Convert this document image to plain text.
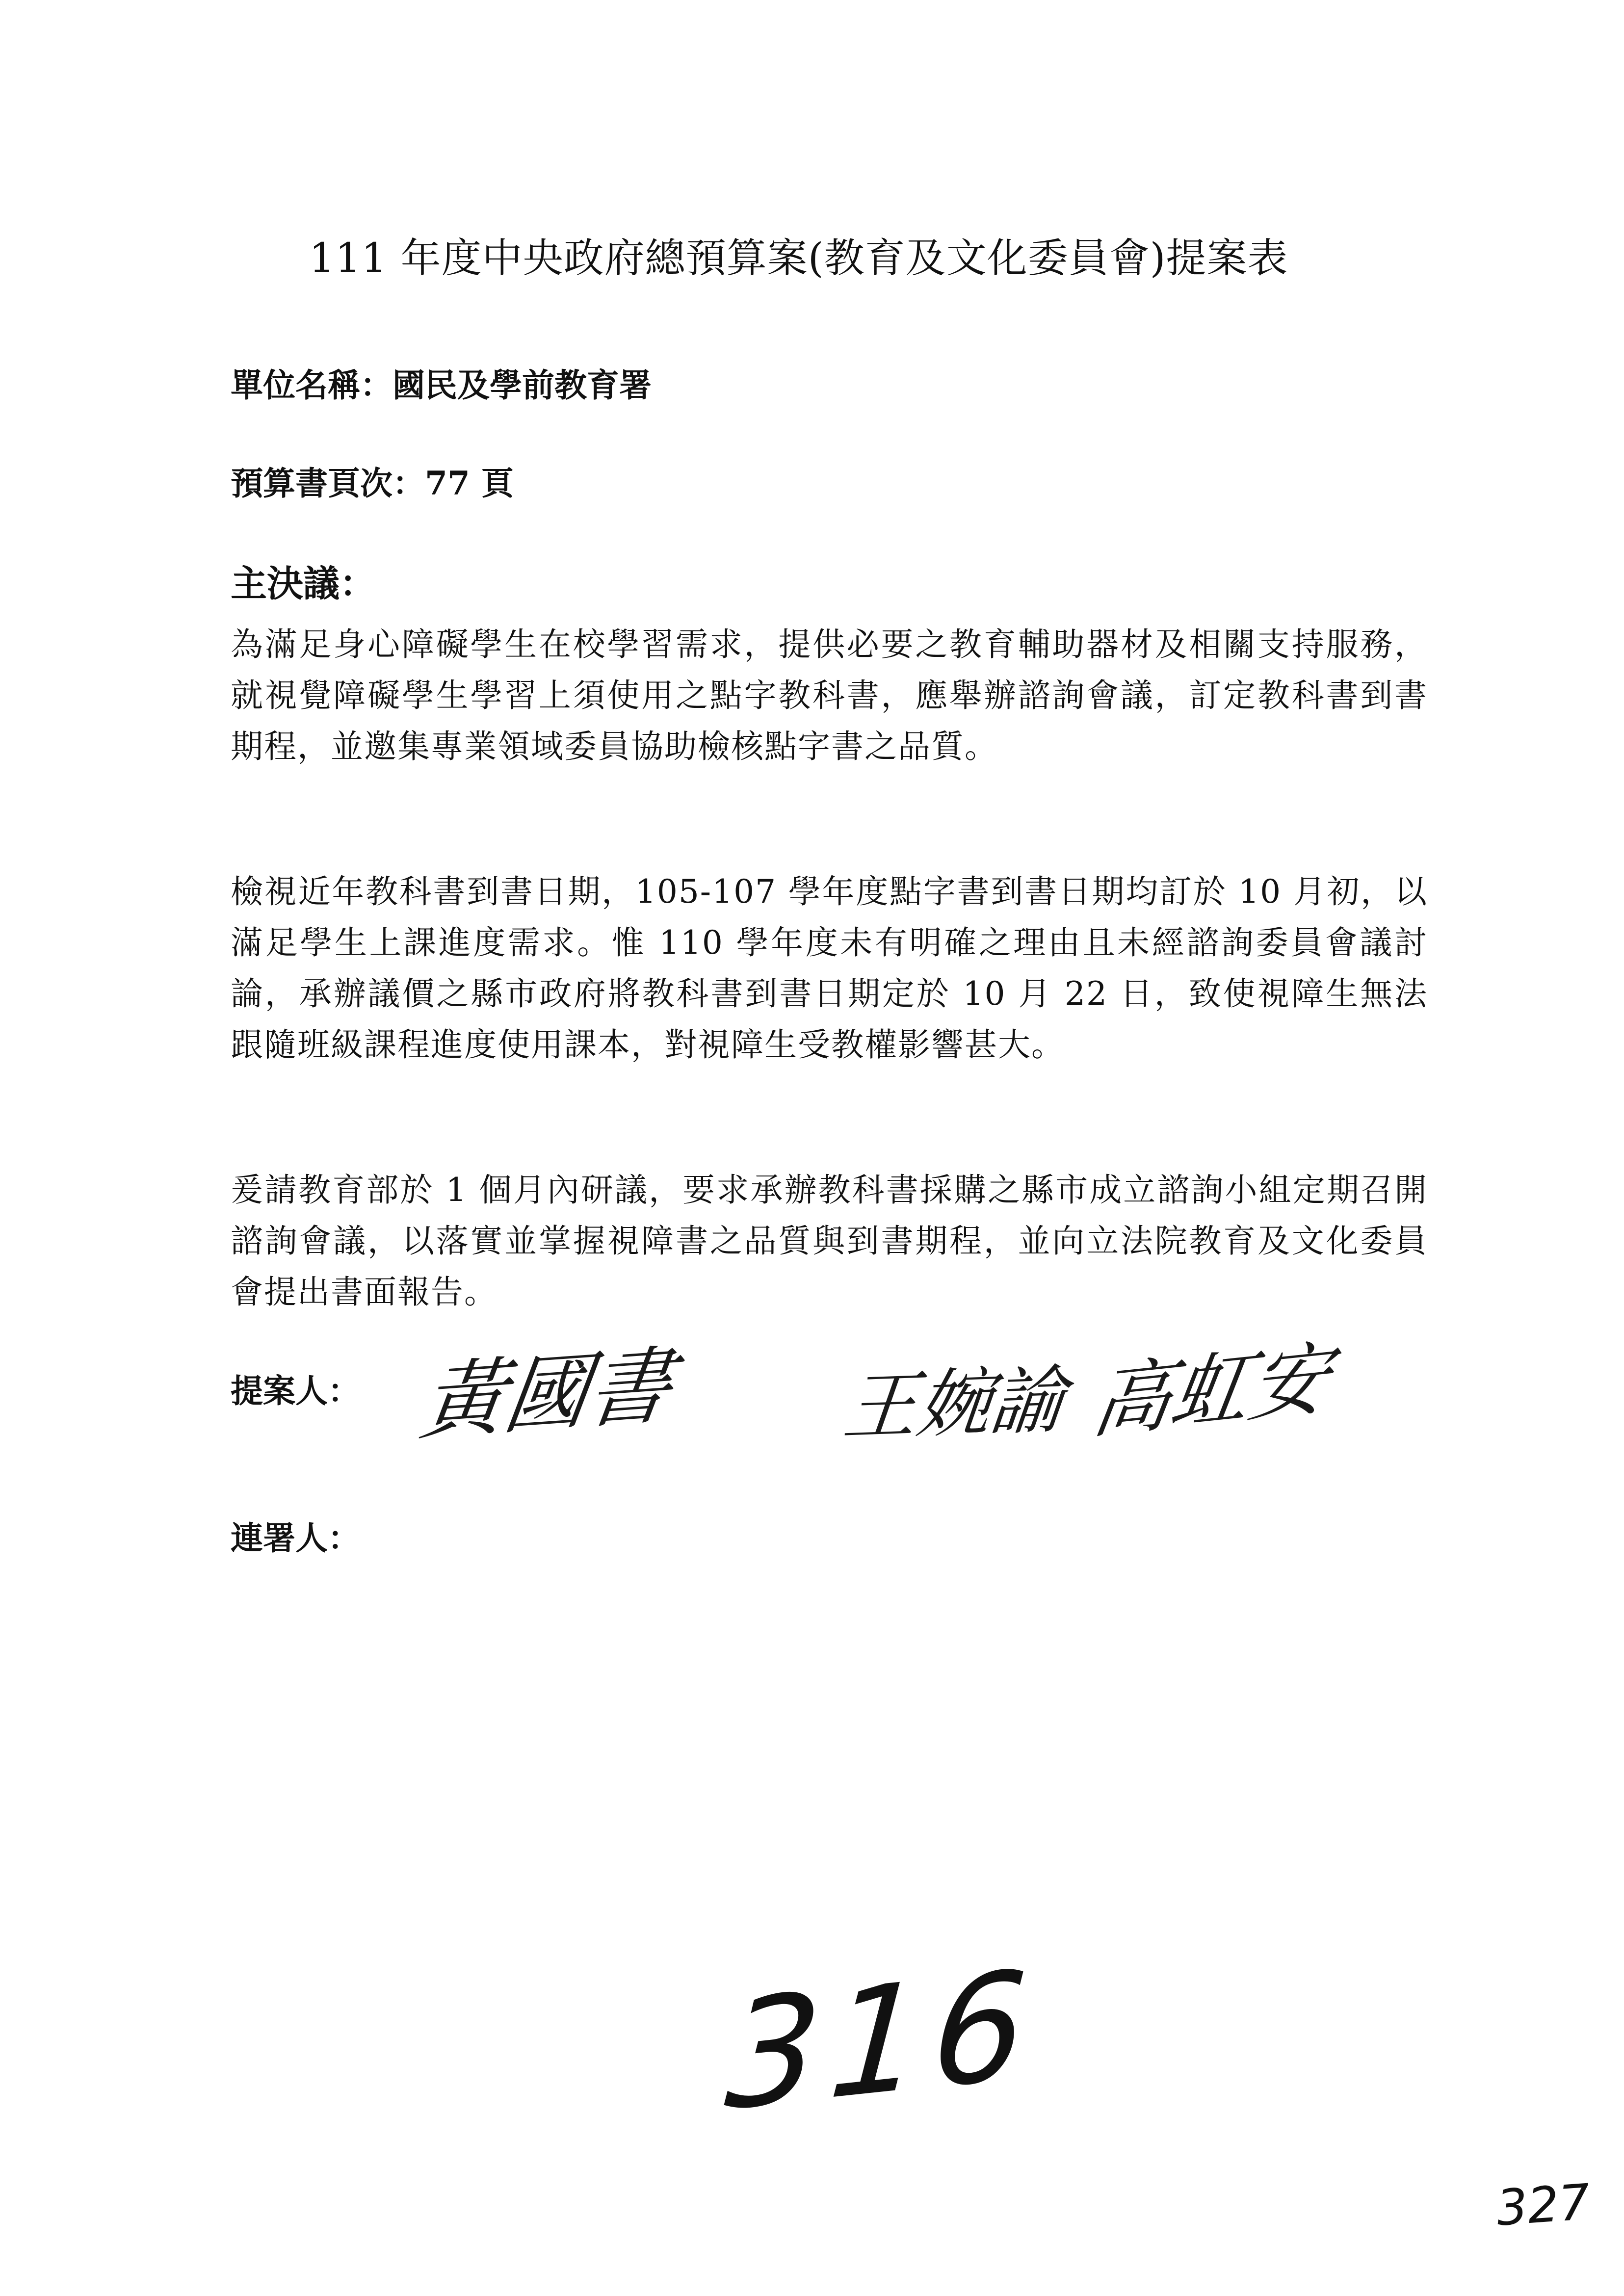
111 年度中央政府總預算案(教育及文化委員會)提案表
單位名稱：國民及學前教育署
預算書頁次：77 頁
主決議：
為滿足身心障礙學生在校學習需求，提供必要之教育輔助器材及相關支持服務，就視覺障礙學生學習上須使用之點字教科書，應舉辦諮詢會議，訂定教科書到書期程，並邀集專業領域委員協助檢核點字書之品質。
檢視近年教科書到書日期，105-107 學年度點字書到書日期均訂於 10 月初，以滿足學生上課進度需求。惟 110 學年度未有明確之理由且未經諮詢委員會議討論，承辦議價之縣市政府將教科書到書日期定於 10 月 22 日，致使視障生無法跟隨班級課程進度使用課本，對視障生受教權影響甚大。
爰請教育部於 1 個月內研議，要求承辦教科書採購之縣市成立諮詢小組定期召開諮詢會議，以落實並掌握視障書之品質與到書期程，並向立法院教育及文化委員會提出書面報告。
提案人： 黃國書 王婉諭 高虹安
連署人：
316
327
